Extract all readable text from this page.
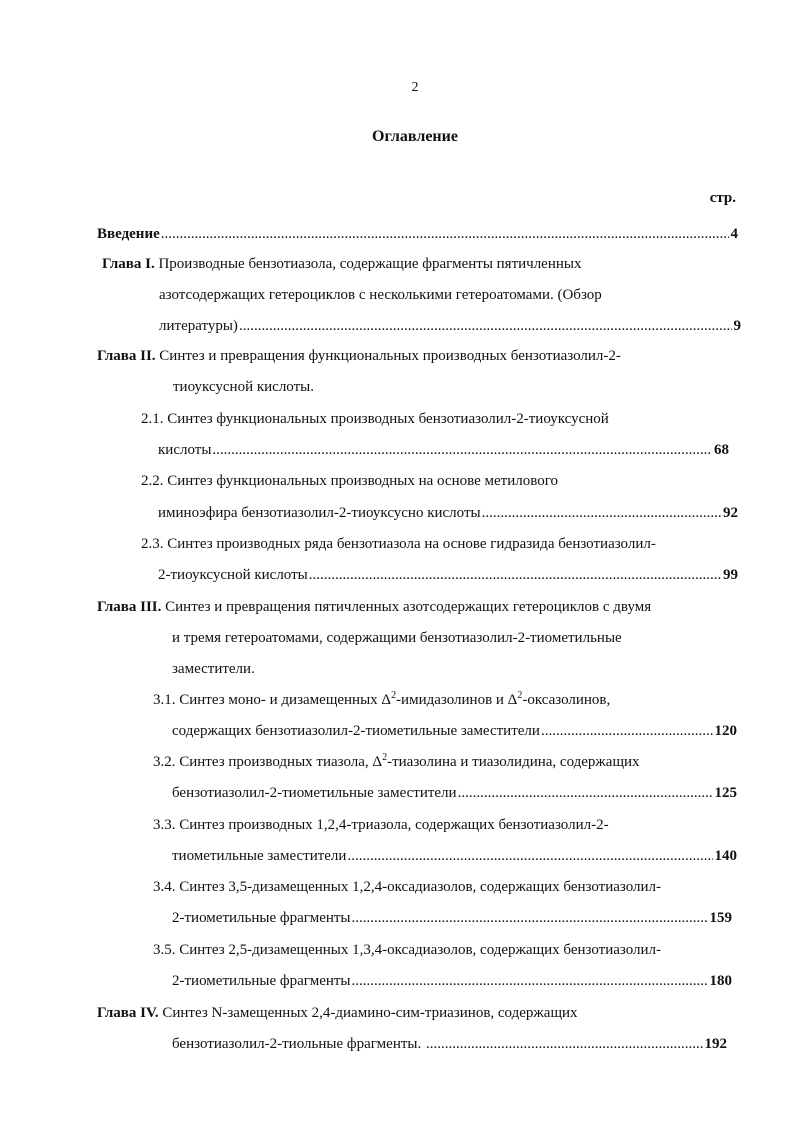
2
Оглавление
стр.
Введение .....	4
Глава I. Производные бензотиазола, содержащие фрагменты пятичленных
азотсодержащих гетероциклов с несколькими гетероатомами. (Обзор
литературы) .....	9
Глава II. Синтез и превращения функциональных производных бензотиазолил-2-
тиоуксусной кислоты.
2.1. Синтез функциональных производных бензотиазолил-2-тиоуксусной
кислоты .....	68
2.2. Синтез функциональных производных на основе метилового
иминоэфира бензотиазолил-2-тиоуксусно кислоты .....	92
2.3. Синтез производных ряда бензотиазола на основе гидразида бензотиазолил-
2-тиоуксусной кислоты .....	99
Глава III. Синтез и превращения пятичленных азотсодержащих гетероциклов с двумя
и тремя гетероатомами, содержащими бензотиазолил-2-тиометильные
заместители.
3.1. Синтез моно- и дизамещенных $\Delta^2$-имидазолинов и $\Delta^2$-оксазолинов,
содержащих бензотиазолил-2-тиометильные заместители .....	120
3.2. Синтез производных тиазола, $\Delta^2$-тиазолина и тиазолидина, содержащих
бензотиазолил-2-тиометильные заместители .....	125
3.3. Синтез производных 1,2,4-триазола, содержащих бензотиазолил-2-
тиометильные заместители .....	140
3.4. Синтез 3,5-дизамещенных 1,2,4-оксадиазолов, содержащих бензотиазолил-
2-тиометильные фрагменты .....	159
3.5. Синтез 2,5-дизамещенных 1,3,4-оксадиазолов, содержащих бензотиазолил-
2-тиометильные фрагменты .....	180
Глава IV. Синтез N-замещенных 2,4-диамино-сим-триазинов, содержащих
бензотиазолил-2-тиольные фрагменты. .....	192
